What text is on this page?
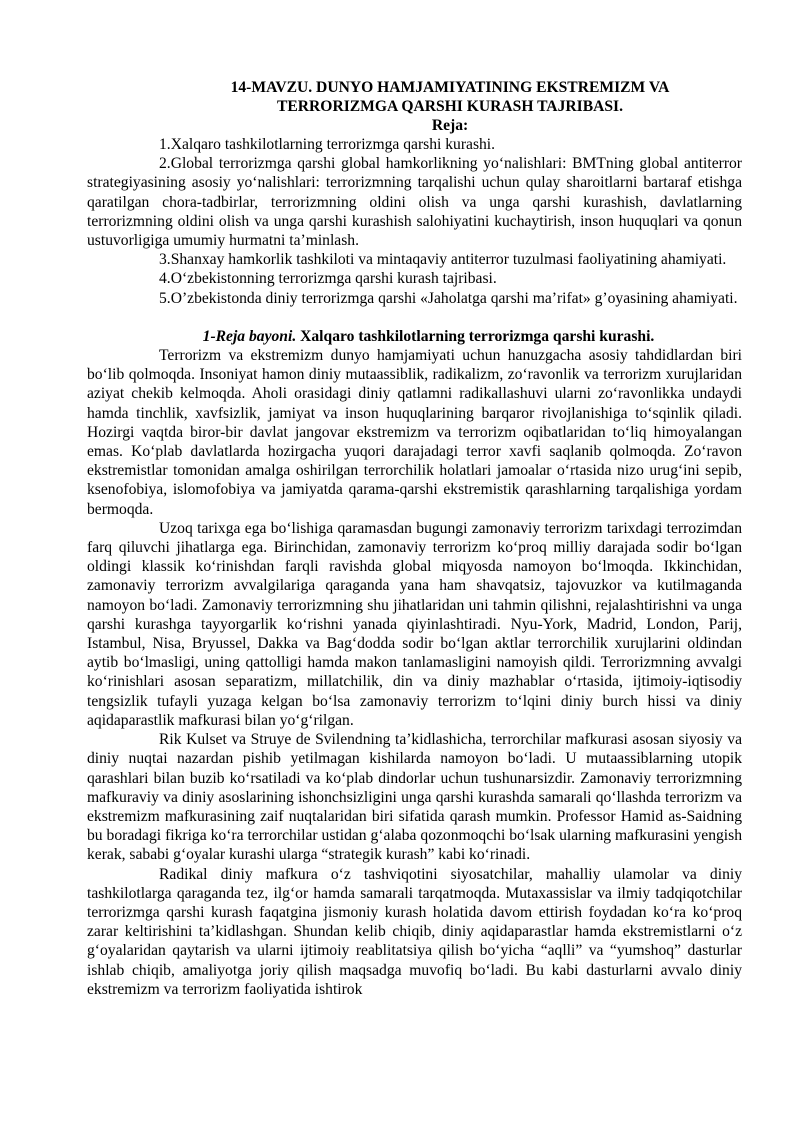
14-MAVZU. DUNYO HAMJAMIYATINING EKSTREMIZM VA
TERRORIZMGA QARSHI KURASH TAJRIBASI.
Reja:

1.Xalqaro tashkilotlarning terrorizmga qarshi kurashi.

2.Global terrorizmga qarshi global hamkorlikning yo‘nalishlari: BMTning global antiterror strategiyasining asosiy yo‘nalishlari: terrorizmning tarqalishi uchun qulay sharoitlarni bartaraf etishga qaratilgan chora-tadbirlar, terrorizmning oldini olish va unga qarshi kurashish, davlatlarning terrorizmning oldini olish va unga qarshi kurashish salohiyatini kuchaytirish, inson huquqlari va qonun ustuvorligiga umumiy hurmatni ta’minlash.

3.Shanxay hamkorlik tashkiloti va mintaqaviy antiterror tuzulmasi faoliyatining ahamiyati.

4.O‘zbekistonning terrorizmga qarshi kurash tajribasi.

5.O’zbekistonda diniy terrorizmga qarshi «Jaholatga qarshi ma’rifat» g’oyasining ahamiyati.

1-Reja bayoni. Xalqaro tashkilotlarning terrorizmga qarshi kurashi.

Terrorizm va ekstremizm dunyo hamjamiyati uchun hanuzgacha asosiy tahdidlardan biri bo‘lib qolmoqda. Insoniyat hamon diniy mutaassiblik, radikalizm, zo‘ravonlik va terrorizm xurujlaridan aziyat chekib kelmoqda. Aholi orasidagi diniy qatlamni radikallashuvi ularni zo‘ravonlikka undaydi hamda tinchlik, xavfsizlik, jamiyat va inson huquqlarining barqaror rivojlanishiga to‘sqinlik qiladi. Hozirgi vaqtda biror-bir davlat jangovar ekstremizm va terrorizm oqibatlaridan to‘liq himoyalangan emas. Ko‘plab davlatlarda hozirgacha yuqori darajadagi terror xavfi saqlanib qolmoqda. Zo‘ravon ekstremistlar tomonidan amalga oshirilgan terrorchilik holatlari jamoalar o‘rtasida nizo urug‘ini sepib, ksenofobiya, islomofobiya va jamiyatda qarama-qarshi ekstremistik qarashlarning tarqalishiga yordam bermoqda.

Uzoq tarixga ega bo‘lishiga qaramasdan bugungi zamonaviy terrorizm tarixdagi terrozimdan farq qiluvchi jihatlarga ega. Birinchidan, zamonaviy terrorizm ko‘proq milliy darajada sodir bo‘lgan oldingi klassik ko‘rinishdan farqli ravishda global miqyosda namoyon bo‘lmoqda. Ikkinchidan, zamonaviy terrorizm avvalgilariga qaraganda yana ham shavqatsiz, tajovuzkor va kutilmaganda namoyon bo‘ladi. Zamonaviy terrorizmning shu jihatlaridan uni tahmin qilishni, rejalashtirishni va unga qarshi kurashga tayyorgarlik ko‘rishni yanada qiyinlashtiradi. Nyu-York, Madrid, London, Parij, Istambul, Nisa, Bryussel, Dakka va Bag‘dodda sodir bo‘lgan aktlar terrorchilik xurujlarini oldindan aytib bo‘lmasligi, uning qattolligi hamda makon tanlamasligini namoyish qildi. Terrorizmning avvalgi ko‘rinishlari asosan separatizm, millatchilik, din va diniy mazhablar o‘rtasida, ijtimoiy-iqtisodiy tengsizlik tufayli yuzaga kelgan bo‘lsa zamonaviy terrorizm to‘lqini diniy burch hissi va diniy aqidaparastlik mafkurasi bilan yo‘g‘rilgan.

Rik Kulset va Struye de Svilendning ta’kidlashicha, terrorchilar mafkurasi asosan siyosiy va diniy nuqtai nazardan pishib yetilmagan kishilarda namoyon bo‘ladi. U mutaassiblarning utopik qarashlari bilan buzib ko‘rsatiladi va ko‘plab dindorlar uchun tushunarsizdir. Zamonaviy terrorizmning mafkuraviy va diniy asoslarining ishonchsizligini unga qarshi kurashda samarali qo‘llashda terrorizm va ekstremizm mafkurasining zaif nuqtalaridan biri sifatida qarash mumkin. Professor Hamid as-Saidning bu boradagi fikriga ko‘ra terrorchilar ustidan g‘alaba qozonmoqchi bo‘lsak ularning mafkurasini yengish kerak, sababi g‘oyalar kurashi ularga “strategik kurash” kabi ko‘rinadi.

Radikal diniy mafkura o‘z tashviqotini siyosatchilar, mahalliy ulamolar va diniy tashkilotlarga qaraganda tez, ilg‘or hamda samarali tarqatmoqda. Mutaxassislar va ilmiy tadqiqotchilar terrorizmga qarshi kurash faqatgina jismoniy kurash holatida davom ettirish foydadan ko‘ra ko‘proq zarar keltirishini ta’kidlashgan. Shundan kelib chiqib, diniy aqidaparastlar hamda ekstremistlarni o‘z g‘oyalaridan qaytarish va ularni ijtimoiy reablitatsiya qilish bo‘yicha “aqlli” va “yumshoq” dasturlar ishlab chiqib, amaliyotga joriy qilish maqsadga muvofiq bo‘ladi. Bu kabi dasturlarni avvalo diniy ekstremizm va terrorizm faoliyatida ishtirok
